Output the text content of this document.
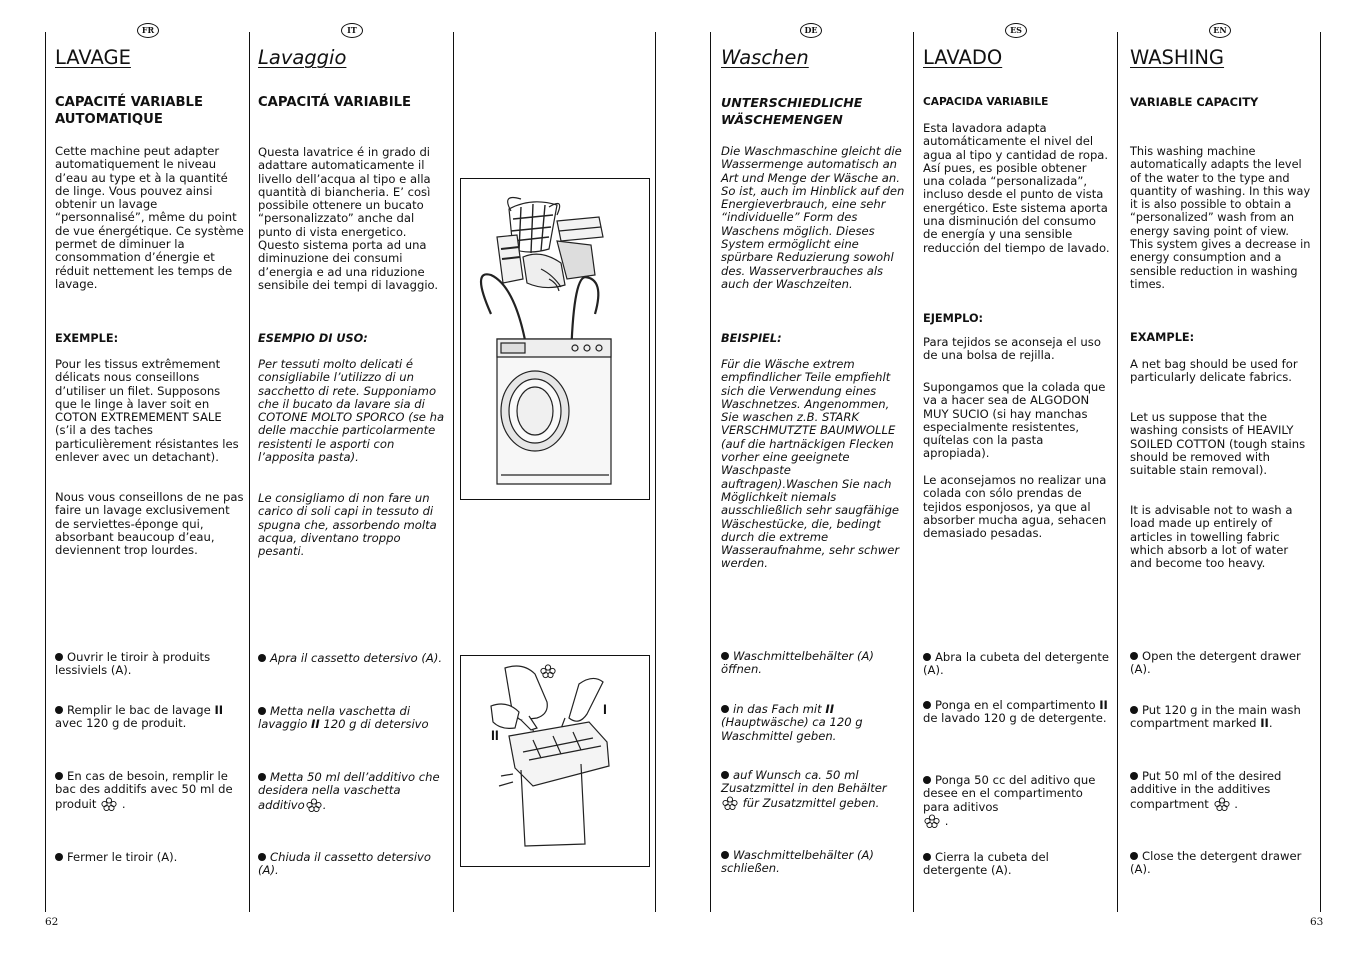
FR	IT	DE	ES	EN
LAVAGE
CAPACITÉ VARIABLE AUTOMATIQUE
Cette machine peut adapter automatiquement le niveau d’eau au type et à la quantité de linge. Vous pouvez ainsi obtenir un lavage “personnalisé”, même du point de vue énergétique. Ce système permet de diminuer la consommation d’énergie et réduit nettement les temps de lavage.
EXEMPLE:
Pour les tissus extrêmement délicats nous conseillons d’utiliser un filet. Supposons que le linge à laver soit en COTON EXTREMEMENT SALE (s’il a des taches particulièrement résistantes les enlever avec un detachant).
Nous vous conseillons de ne pas faire un lavage exclusivement de serviettes-éponge qui, absorbant beaucoup d’eau, deviennent trop lourdes.
Ouvrir le tiroir à produits lessiviels (A).
Remplir le bac de lavage II avec 120 g de produit.
En cas de besoin, remplir le bac des additifs avec 50 ml de produit .
Fermer le tiroir (A).
Lavaggio
CAPACITÁ VARIABILE
Questa lavatrice é in grado di adattare automaticamente il livello dell’acqua al tipo e alla quantità di biancheria. E’ così possibile ottenere un bucato “personalizzato” anche dal punto di vista energetico. Questo sistema porta ad una diminuzione dei consumi d’energia e ad una riduzione sensibile dei tempi di lavaggio.
ESEMPIO DI USO:
Per tessuti molto delicati é consigliabile l’utilizzo di un sacchetto di rete. Supponiamo che il bucato da lavare sia di COTONE MOLTO SPORCO (se ha delle macchie particolarmente resistenti le asporti con l’apposita pasta).
Le consigliamo di non fare un carico di soli capi in tessuto di spugna che, assorbendo molta acqua, diventano troppo pesanti.
Apra il cassetto detersivo (A).
Metta nella vaschetta di lavaggio II 120 g di detersivo
Metta 50 ml dell’additivo che desidera nella vaschetta additivo .
Chiuda il cassetto detersivo (A).
I
II
Waschen
UNTERSCHIEDLICHE WÄSCHEMENGEN
Die Waschmaschine gleicht die Wassermenge automatisch an Art und Menge der Wäsche an. So ist, auch im Hinblick auf den Energieverbrauch, eine sehr “individuelle” Form des Waschens möglich. Dieses System ermöglicht eine spürbare Reduzierung sowohl des. Wasserverbrauches als auch der Waschzeiten.
BEISPIEL:
Für die Wäsche extrem empfindlicher Teile empfiehlt sich die Verwendung eines Waschnetzes. Angenommen, Sie waschen z.B. STARK VERSCHMUTZTE BAUMWOLLE (auf die hartnäckigen Flecken vorher eine geeignete Waschpaste auftragen).Waschen Sie nach Möglichkeit niemals ausschließlich sehr saugfähige Wäschestücke, die, bedingt durch die extreme Wasseraufnahme, sehr schwer werden.
Waschmittelbehälter (A) öffnen.
in das Fach mit II (Hauptwäsche) ca 120 g Waschmittel geben.
auf Wunsch ca. 50 ml Zusatzmittel in den Behälter
für Zusatzmittel geben.
Waschmittelbehälter (A) schließen.
LAVADO
CAPACIDA VARIABILE
Esta lavadora adapta automáticamente el nivel del agua al tipo y cantidad de ropa. Así pues, es posible obtener una colada “personalizada”, incluso desde el punto de vista energético. Este sistema aporta una disminución del consumo de energía y una sensible reducción del tiempo de lavado.
EJEMPLO:
Para tejidos se aconseja el uso de una bolsa de rejilla.
Supongamos que la colada que va a hacer sea de ALGODON MUY SUCIO (si hay manchas especialmente resistentes, quítelas con la pasta apropiada).
Le aconsejamos no realizar una colada con sólo prendas de tejidos esponjosos, ya que al absorber mucha agua, sehacen demasiado pesadas.
Abra la cubeta del detergente (A).
Ponga en el compartimento II de lavado 120 g de detergente.
Ponga 50 cc del aditivo que desee en el compartimento para aditivos
.
Cierra la cubeta del detergente (A).
WASHING
VARIABLE CAPACITY
This washing machine automatically adapts the level of the water to the type and quantity of washing. In this way it is also possible to obtain a “personalized” wash from an energy saving point of view. This system gives a decrease in energy consumption and a sensible reduction in washing times.
EXAMPLE:
A net bag should be used for particularly delicate fabrics.
Let us suppose that the washing consists of HEAVILY SOILED COTTON (tough stains should be removed with suitable stain removal).
It is advisable not to wash a load made up entirely of articles in towelling fabric which absorb a lot of water and become too heavy.
Open the detergent drawer (A).
Put 120 g in the main wash compartment marked II.
Put 50 ml of the desired additive in the additives compartment .
Close the detergent drawer (A).
62	63
